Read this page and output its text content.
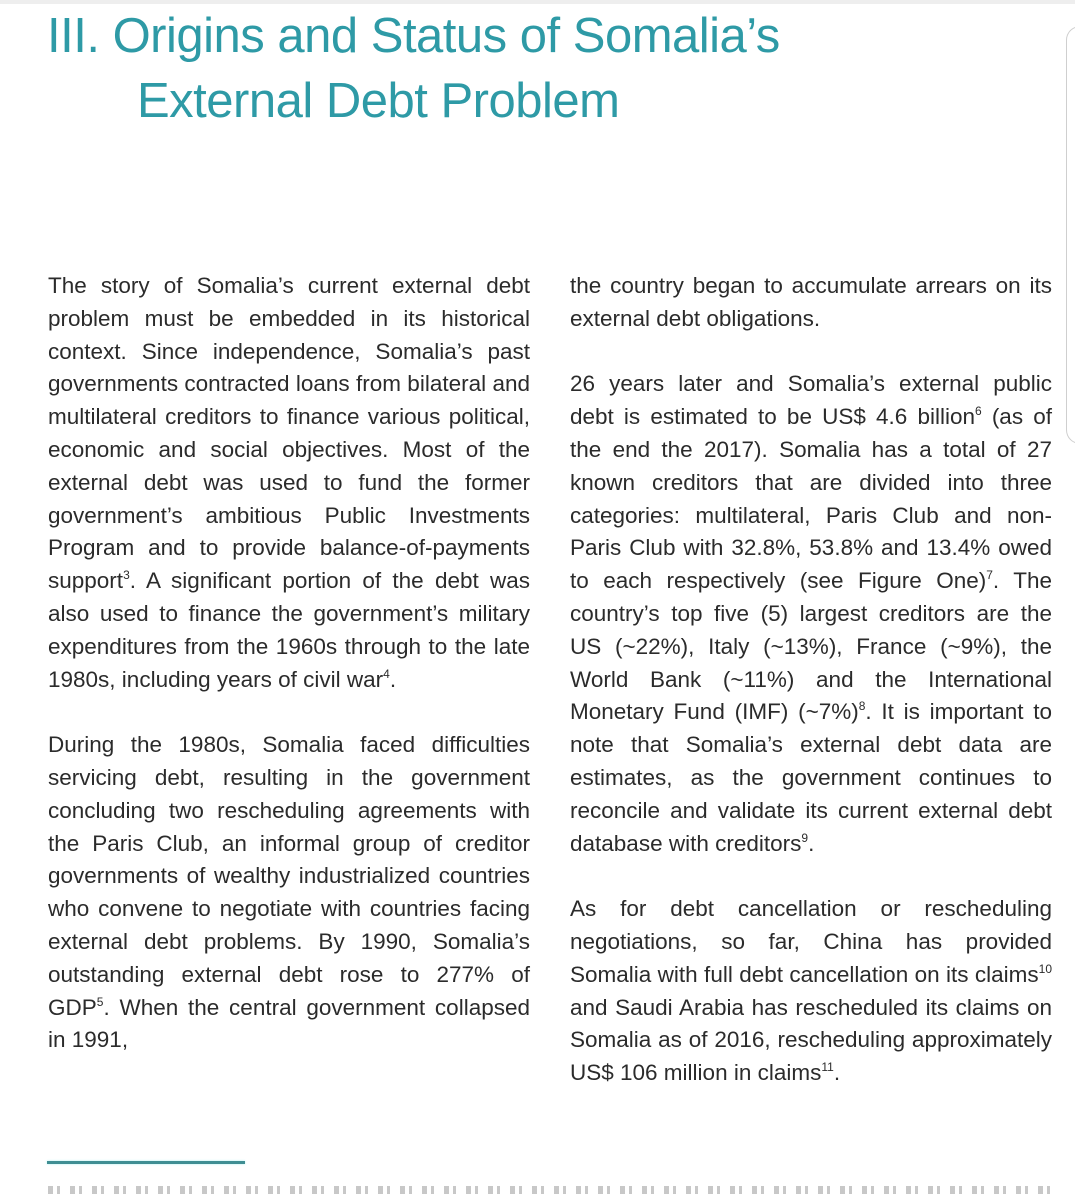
III. Origins and Status of Somalia’s
External Debt Problem

The story of Somalia’s current external debt problem must be embedded in its historical context. Since independence, Somalia’s past governments contracted loans from bilateral and multilateral creditors to finance various political, economic and social objectives. Most of the external debt was used to fund the former government’s ambitious Public Investments Program and to provide balance-of-payments support$^3$. A significant portion of the debt was also used to finance the government’s military expenditures from the 1960s through to the late 1980s, including years of civil war$^4$.

During the 1980s, Somalia faced difficulties servicing debt, resulting in the government concluding two rescheduling agreements with the Paris Club, an informal group of creditor governments of wealthy industrialized countries who convene to negotiate with countries facing external debt problems. By 1990, Somalia’s outstanding external debt rose to 277% of GDP$^5$. When the central government collapsed in 1991,

the country began to accumulate arrears on its external debt obligations.

26 years later and Somalia’s external public debt is estimated to be US$ 4.6 billion$^6$ (as of the end the 2017). Somalia has a total of 27 known creditors that are divided into three categories: multilateral, Paris Club and non-Paris Club with 32.8%, 53.8% and 13.4% owed to each respectively (see Figure One)$^7$. The country’s top five (5) largest creditors are the US (~22%), Italy (~13%), France (~9%), the World Bank (~11%) and the International Monetary Fund (IMF) (~7%)$^8$. It is important to note that Somalia’s external debt data are estimates, as the government continues to reconcile and validate its current external debt database with creditors$^9$.

As for debt cancellation or rescheduling negotiations, so far, China has provided Somalia with full debt cancellation on its claims$^{10}$ and Saudi Arabia has rescheduled its claims on Somalia as of 2016, rescheduling approximately US$ 106 million in claims$^{11}$.
